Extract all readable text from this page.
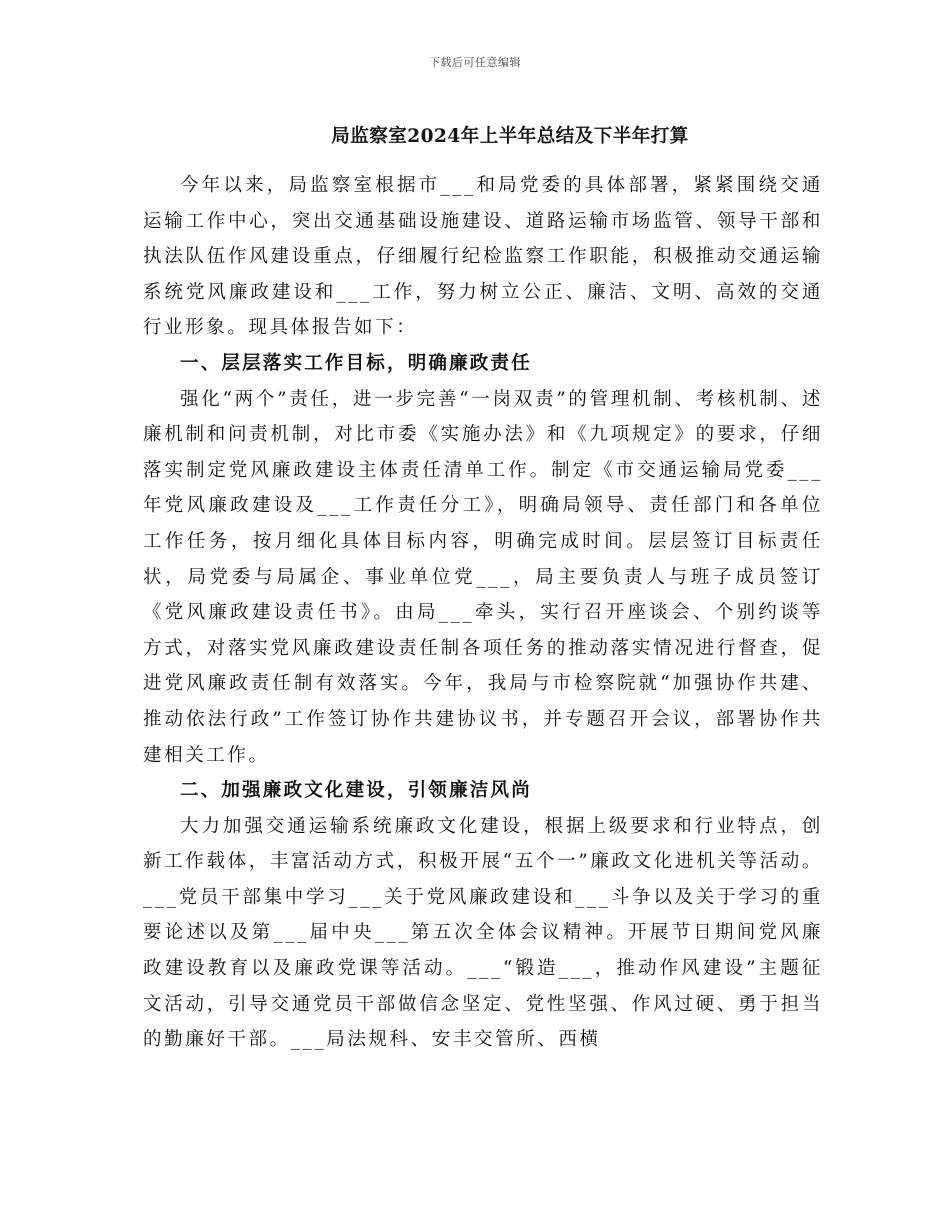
下载后可任意编辑
局监察室2024年上半年总结及下半年打算

今年以来，局监察室根据市___和局党委的具体部署，紧紧围绕交通运输工作中心，突出交通基础设施建设、道路运输市场监管、领导干部和执法队伍作风建设重点，仔细履行纪检监察工作职能，积极推动交通运输系统党风廉政建设和___工作，努力树立公正、廉洁、文明、高效的交通行业形象。现具体报告如下：

一、层层落实工作目标，明确廉政责任

强化“两个”责任，进一步完善“一岗双责”的管理机制、考核机制、述廉机制和问责机制，对比市委《实施办法》和《九项规定》的要求，仔细落实制定党风廉政建设主体责任清单工作。制定《市交通运输局党委___年党风廉政建设及___工作责任分工》，明确局领导、责任部门和各单位工作任务，按月细化具体目标内容，明确完成时间。层层签订目标责任状，局党委与局属企、事业单位党___，局主要负责人与班子成员签订《党风廉政建设责任书》。由局___牵头，实行召开座谈会、个别约谈等方式，对落实党风廉政建设责任制各项任务的推动落实情况进行督查，促进党风廉政责任制有效落实。今年，我局与市检察院就“加强协作共建、推动依法行政”工作签订协作共建协议书，并专题召开会议，部署协作共建相关工作。

二、加强廉政文化建设，引领廉洁风尚

大力加强交通运输系统廉政文化建设，根据上级要求和行业特点，创新工作载体，丰富活动方式，积极开展“五个一”廉政文化进机关等活动。___党员干部集中学习___关于党风廉政建设和___斗争以及关于学习的重要论述以及第___届中央___第五次全体会议精神。开展节日期间党风廉政建设教育以及廉政党课等活动。___“锻造___，推动作风建设”主题征文活动，引导交通党员干部做信念坚定、党性坚强、作风过硬、勇于担当的勤廉好干部。___局法规科、安丰交管所、西横
